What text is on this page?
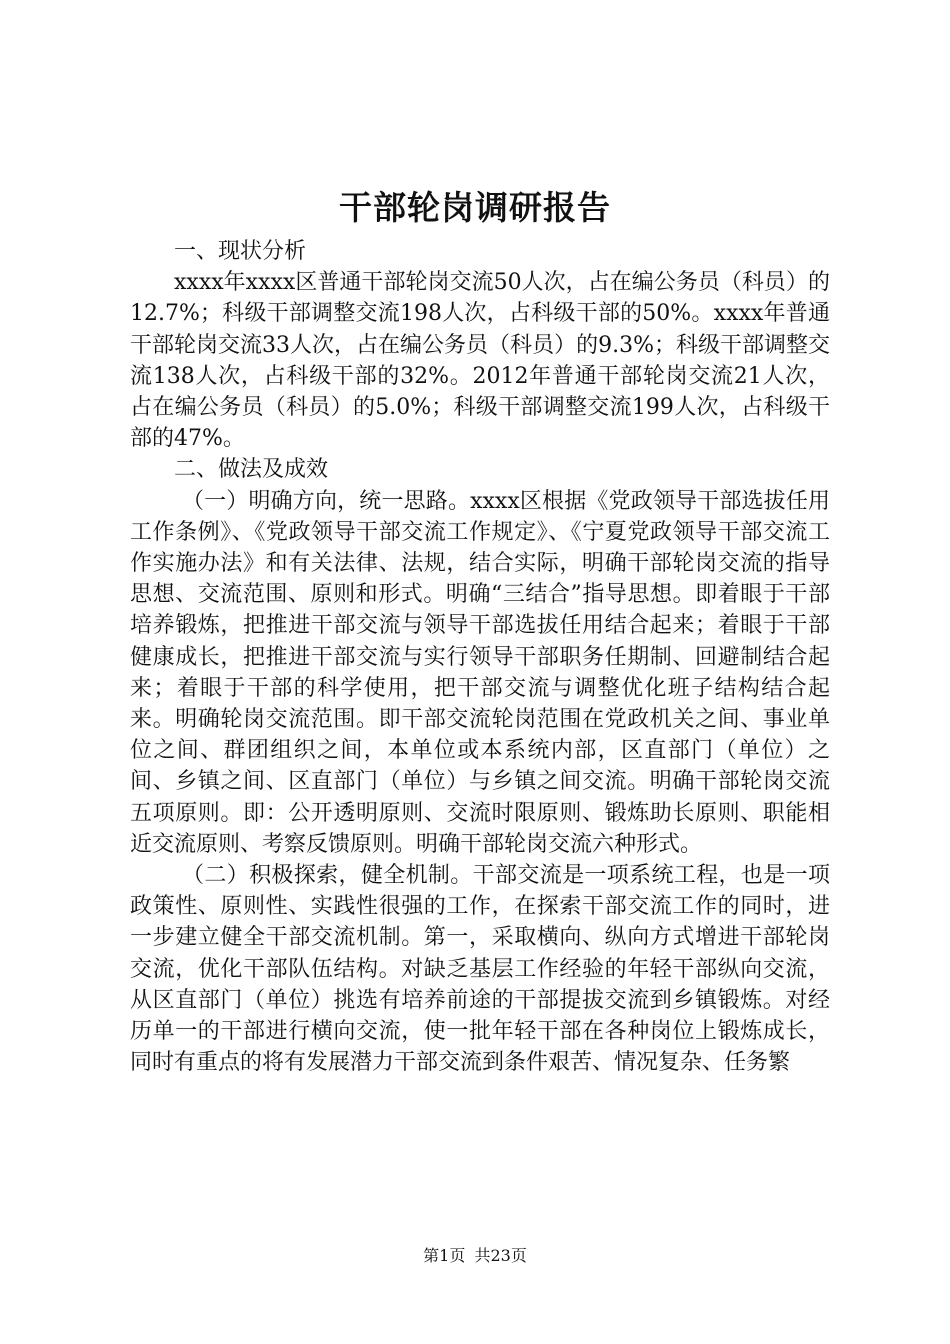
干部轮岗调研报告

一、现状分析

xxxx年xxxx区普通干部轮岗交流50人次，占在编公务员（科员）的12.7%；科级干部调整交流198人次，占科级干部的50%。xxxx年普通干部轮岗交流33人次，占在编公务员（科员）的9.3%；科级干部调整交流138人次，占科级干部的32%。2012年普通干部轮岗交流21人次，占在编公务员（科员）的5.0%；科级干部调整交流199人次，占科级干部的47%。

二、做法及成效

（一）明确方向，统一思路。xxxx区根据《党政领导干部选拔任用工作条例》、《党政领导干部交流工作规定》、《宁夏党政领导干部交流工作实施办法》和有关法律、法规，结合实际，明确干部轮岗交流的指导思想、交流范围、原则和形式。明确“三结合”指导思想。即着眼于干部培养锻炼，把推进干部交流与领导干部选拔任用结合起来；着眼于干部健康成长，把推进干部交流与实行领导干部职务任期制、回避制结合起来；着眼于干部的科学使用，把干部交流与调整优化班子结构结合起来。明确轮岗交流范围。即干部交流轮岗范围在党政机关之间、事业单位之间、群团组织之间，本单位或本系统内部，区直部门（单位）之间、乡镇之间、区直部门（单位）与乡镇之间交流。明确干部轮岗交流五项原则。即：公开透明原则、交流时限原则、锻炼助长原则、职能相近交流原则、考察反馈原则。明确干部轮岗交流六种形式。

（二）积极探索，健全机制。干部交流是一项系统工程，也是一项政策性、原则性、实践性很强的工作，在探索干部交流工作的同时，进一步建立健全干部交流机制。第一，采取横向、纵向方式增进干部轮岗交流，优化干部队伍结构。对缺乏基层工作经验的年轻干部纵向交流，从区直部门（单位）挑选有培养前途的干部提拔交流到乡镇锻炼。对经历单一的干部进行横向交流，使一批年轻干部在各种岗位上锻炼成长，同时有重点的将有发展潜力干部交流到条件艰苦、情况复杂、任务繁

第1页 共23页
